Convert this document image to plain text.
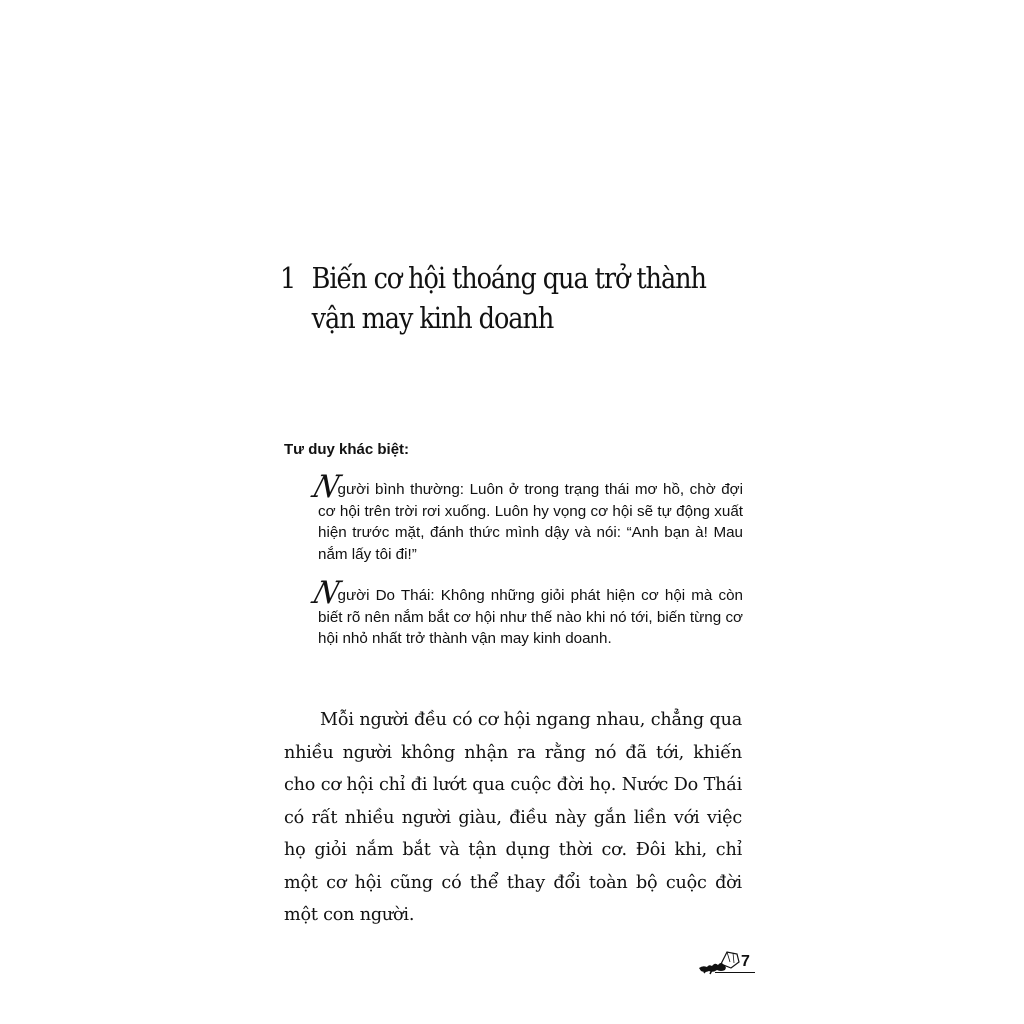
1 Biến cơ hội thoáng qua trở thành
vận may kinh doanh
Tư duy khác biệt:

Người bình thường: Luôn ở trong trạng thái mơ hồ, chờ đợi cơ hội trên trời rơi xuống. Luôn hy vọng cơ hội sẽ tự động xuất hiện trước mặt, đánh thức mình dậy và nói: “Anh bạn à! Mau nắm lấy tôi đi!”

Người Do Thái: Không những giỏi phát hiện cơ hội mà còn biết rõ nên nắm bắt cơ hội như thế nào khi nó tới, biến từng cơ hội nhỏ nhất trở thành vận may kinh doanh.

Mỗi người đều có cơ hội ngang nhau, chẳng qua nhiều người không nhận ra rằng nó đã tới, khiến cho cơ hội chỉ đi lướt qua cuộc đời họ. Nước Do Thái có rất nhiều người giàu, điều này gắn liền với việc họ giỏi nắm bắt và tận dụng thời cơ. Đôi khi, chỉ một cơ hội cũng có thể thay đổi toàn bộ cuộc đời một con người.

7
